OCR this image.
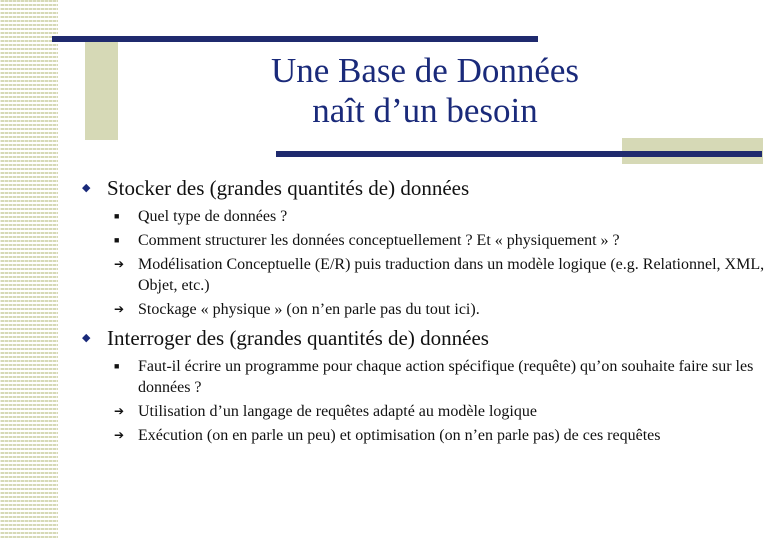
Une Base de Données
naît d’un besoin
◆ Stocker des (grandes quantités de) données
■ Quel type de données ?
■ Comment structurer les données conceptuellement ? Et « physiquement » ?
➔ Modélisation Conceptuelle (E/R) puis traduction dans un modèle logique (e.g. Relationnel, XML, Objet, etc.)
➔ Stockage « physique » (on n’en parle pas du tout ici).
◆ Interroger des (grandes quantités de) données
■ Faut-il écrire un programme pour chaque action spécifique (requête) qu’on souhaite faire sur les données ?
➔ Utilisation d’un langage de requêtes adapté au modèle logique
➔ Exécution (on en parle un peu) et optimisation (on n’en parle pas) de ces requêtes
